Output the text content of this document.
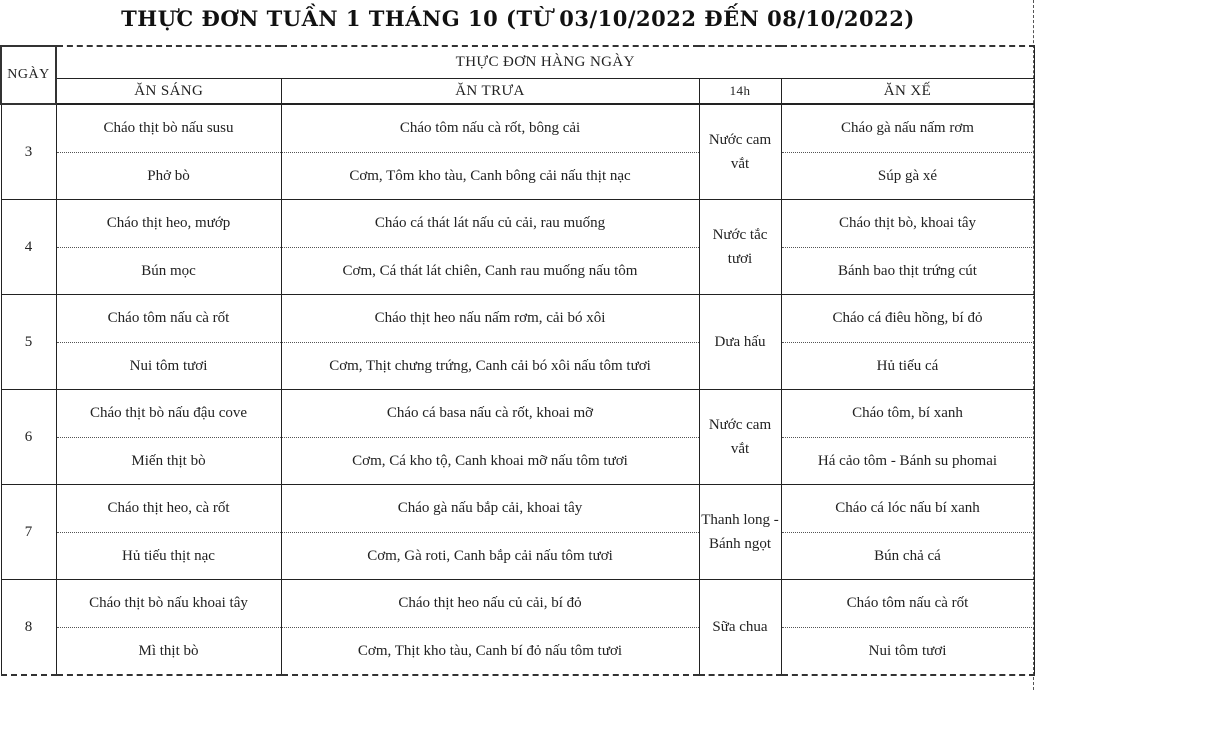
THỰC ĐƠN TUẦN 1 THÁNG 10 (TỪ 03/10/2022 ĐẾN 08/10/2022)
NGÀY	THỰC ĐƠN HÀNG NGÀY			
	ĂN SÁNG	ĂN TRƯA	14h	ĂN XẾ
3	Cháo thịt bò nấu susu	Cháo tôm nấu cà rốt, bông cải	Nước cam vắt	Cháo gà nấu nấm rơm
	Phở bò	Cơm, Tôm kho tàu, Canh bông cải nấu thịt nạc		Súp gà xé
4	Cháo thịt heo, mướp	Cháo cá thát lát nấu củ cải, rau muống	Nước tắc tươi	Cháo thịt bò, khoai tây
	Bún mọc	Cơm, Cá thát lát chiên, Canh rau muống nấu tôm		Bánh bao thịt trứng cút
5	Cháo tôm nấu cà rốt	Cháo thịt heo nấu nấm rơm, cải bó xôi	Dưa hấu	Cháo cá điêu hồng, bí đỏ
	Nui tôm tươi	Cơm, Thịt chưng trứng, Canh cải bó xôi nấu tôm tươi		Hủ tiếu cá
6	Cháo thịt bò nấu đậu cove	Cháo cá basa nấu cà rốt, khoai mỡ	Nước cam vắt	Cháo tôm, bí xanh
	Miến thịt bò	Cơm, Cá kho tộ, Canh khoai mỡ nấu tôm tươi		Há cảo tôm - Bánh su phomai
7	Cháo thịt heo, cà rốt	Cháo gà nấu bắp cải, khoai tây	Thanh long - Bánh ngọt	Cháo cá lóc nấu bí xanh
	Hủ tiếu thịt nạc	Cơm, Gà roti, Canh bắp cải nấu tôm tươi		Bún chả cá
8	Cháo thịt bò nấu khoai tây	Cháo thịt heo nấu củ cải, bí đỏ	Sữa chua	Cháo tôm nấu cà rốt
	Mì thịt bò	Cơm, Thịt kho tàu, Canh bí đỏ nấu tôm tươi		Nui tôm tươi
